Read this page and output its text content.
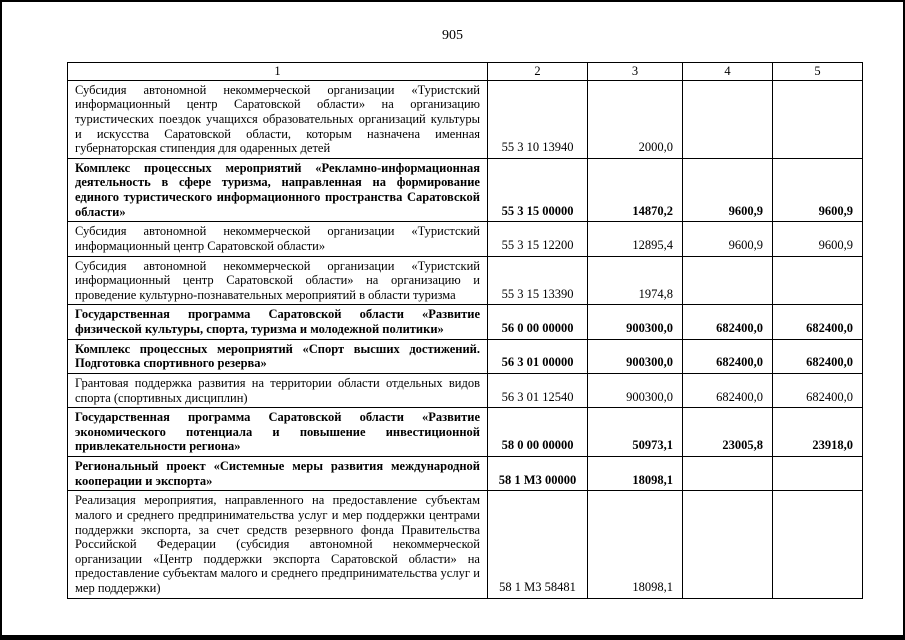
905
1	2	3	4	5
Субсидия автономной некоммерческой организации «Туристский информационный центр Саратовской области» на организацию туристических поездок учащихся образовательных организаций культуры и искусства Саратовской области, которым назначена именная губернаторская стипендия для одаренных детей	55 3 10 13940	2000,0		
Комплекс процессных мероприятий «Рекламно-информационная деятельность в сфере туризма, направленная на формирование единого туристического информационного пространства Саратовской области»	55 3 15 00000	14870,2	9600,9	9600,9
Субсидия автономной некоммерческой организации «Туристский информационный центр Саратовской области»	55 3 15 12200	12895,4	9600,9	9600,9
Субсидия автономной некоммерческой организации «Туристский информационный центр Саратовской области» на организацию и проведение культурно-познавательных мероприятий в области туризма	55 3 15 13390	1974,8		
Государственная программа Саратовской области «Развитие физической культуры, спорта, туризма и молодежной политики»	56 0 00 00000	900300,0	682400,0	682400,0
Комплекс процессных мероприятий «Спорт высших достижений. Подготовка спортивного резерва»	56 3 01 00000	900300,0	682400,0	682400,0
Грантовая поддержка развития на территории области отдельных видов спорта (спортивных дисциплин)	56 3 01 12540	900300,0	682400,0	682400,0
Государственная программа Саратовской области «Развитие экономического потенциала и повышение инвестиционной привлекательности региона»	58 0 00 00000	50973,1	23005,8	23918,0
Региональный проект «Системные меры развития международной кооперации и экспорта»	58 1 М3 00000	18098,1		
Реализация мероприятия, направленного на предоставление субъектам малого и среднего предпринимательства услуг и мер поддержки центрами поддержки экспорта, за счет средств резервного фонда Правительства Российской Федерации (субсидия автономной некоммерческой организации «Центр поддержки экспорта Саратовской области» на предоставление субъектам малого и среднего предпринимательства услуг и мер поддержки)	58 1 М3 58481	18098,1		
